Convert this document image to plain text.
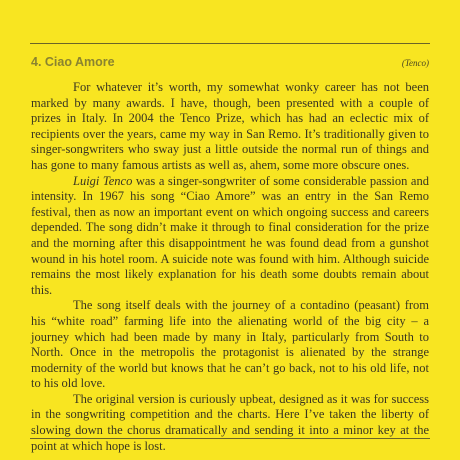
4. Ciao Amore	(Tenco)

For whatever it’s worth, my somewhat wonky career has not been marked by many awards. I have, though, been presented with a couple of prizes in Italy. In 2004 the Tenco Prize, which has had an eclectic mix of recipients over the years, came my way in San Remo. It’s traditionally given to singer-songwriters who sway just a little outside the normal run of things and has gone to many famous artists as well as, ahem, some more obscure ones.

Luigi Tenco was a singer-songwriter of some considerable passion and intensity. In 1967 his song “Ciao Amore” was an entry in the San Remo festival, then as now an important event on which ongoing success and careers depended. The song didn’t make it through to final consideration for the prize and the morning after this disappointment he was found dead from a gunshot wound in his hotel room. A suicide note was found with him. Although suicide remains the most likely explanation for his death some doubts remain about this.

The song itself deals with the journey of a contadino (peasant) from his “white road” farming life into the alienating world of the big city – a journey which had been made by many in Italy, particularly from South to North. Once in the metropolis the protagonist is alienated by the strange modernity of the world but knows that he can’t go back, not to his old life, not to his old love.

The original version is curiously upbeat, designed as it was for success in the songwriting competition and the charts. Here I’ve taken the liberty of slowing down the chorus dramatically and sending it into a minor key at the point at which hope is lost.
